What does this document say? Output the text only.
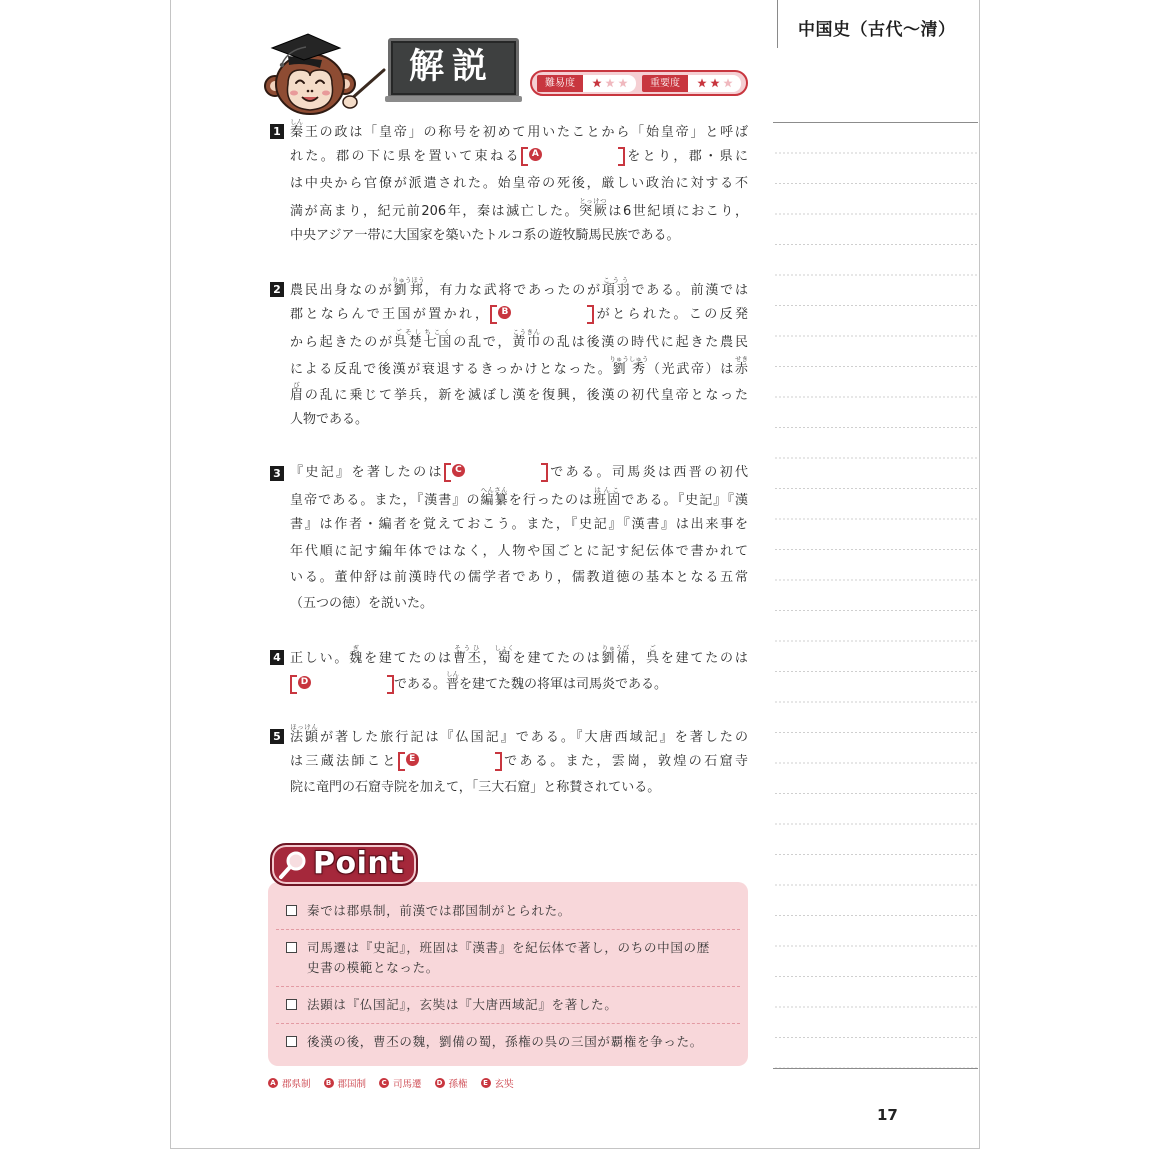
中国史（古代〜清）
解説	難易度	重要度
1 秦しん王の政は「皇帝」の称号を初めて用いたことから「始皇帝」と呼ば
れた。郡の下に県を置いて束ねる	A	をとり，郡・県に
は中央から官僚が派遣された。始皇帝の死後，厳しい政治に対する不
満が高まり，紀元前206年，秦は滅亡した。突厥とっけつは6世紀頃におこり，
中央アジア一帯に大国家を築いたトルコ系の遊牧騎馬民族である。
2 農民出身なのが劉邦りゅうほう，有力な武将であったのが項羽こううである。前漢では
郡とならんで王国が置かれ，	B	がとられた。この反発
から起きたのが呉楚七国ごそしちこくの乱で，黄巾こうきんの乱は後漢の時代に起きた農民
による反乱で後漢が衰退するきっかけとなった。劉秀りゅうしゅう（光武帝）は赤せき
眉びの乱に乗じて挙兵，新を滅ぼし漢を復興，後漢の初代皇帝となった
人物である。
3 『史記』を著したのは	C	である。司馬炎は西晋の初代
皇帝である。また，『漢書』の編纂へんさんを行ったのは班固はんこである。『史記』『漢
書』は作者・編者を覚えておこう。また，『史記』『漢書』は出来事を
年代順に記す編年体ではなく，人物や国ごとに記す紀伝体で書かれて
いる。董仲舒は前漢時代の儒学者であり，儒教道徳の基本となる五常
（五つの徳）を説いた。
4 正しい。魏ぎを建てたのは曹丕そうひ，蜀しょくを建てたのは劉備りゅうび，呉ごを建てたのは
D	である。晋しんを建てた魏の将軍は司馬炎である。
5 法顕ほっけんが著した旅行記は『仏国記』である。『大唐西域記』を著したの
は三蔵法師こと	E	である。また，雲崗，敦煌の石窟寺
院に竜門の石窟寺院を加えて，「三大石窟」と称賛されている。
Point
秦では郡県制，前漢では郡国制がとられた。
司馬遷は『史記』，班固は『漢書』を紀伝体で著し，のちの中国の歴
史書の模範となった。
法顕は『仏国記』，玄奘は『大唐西域記』を著した。
後漢の後，曹丕の魏，劉備の蜀，孫権の呉の三国が覇権を争った。
A 郡県制	B 郡国制	C 司馬遷 D 孫権	E 玄奘
17
